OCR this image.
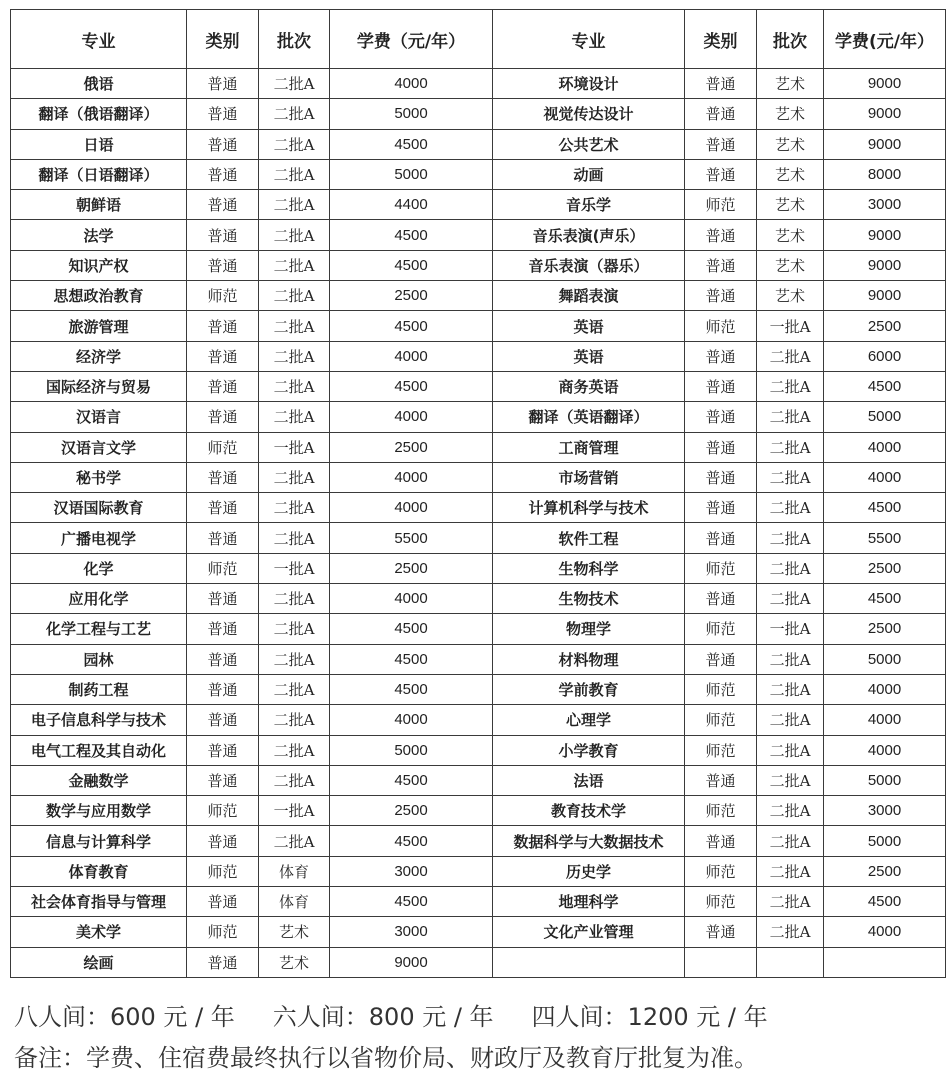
专业	类别	批次	学费（元/年）	专业	类别	批次	学费(元/年）
俄语	普通	二批A	4000	环境设计	普通	艺术	9000
翻译（俄语翻译）	普通	二批A	5000	视觉传达设计	普通	艺术	9000
日语	普通	二批A	4500	公共艺术	普通	艺术	9000
翻译（日语翻译）	普通	二批A	5000	动画	普通	艺术	8000
朝鲜语	普通	二批A	4400	音乐学	师范	艺术	3000
法学	普通	二批A	4500	音乐表演(声乐）	普通	艺术	9000
知识产权	普通	二批A	4500	音乐表演（器乐）	普通	艺术	9000
思想政治教育	师范	二批A	2500	舞蹈表演	普通	艺术	9000
旅游管理	普通	二批A	4500	英语	师范	一批A	2500
经济学	普通	二批A	4000	英语	普通	二批A	6000
国际经济与贸易	普通	二批A	4500	商务英语	普通	二批A	4500
汉语言	普通	二批A	4000	翻译（英语翻译）	普通	二批A	5000
汉语言文学	师范	一批A	2500	工商管理	普通	二批A	4000
秘书学	普通	二批A	4000	市场营销	普通	二批A	4000
汉语国际教育	普通	二批A	4000	计算机科学与技术	普通	二批A	4500
广播电视学	普通	二批A	5500	软件工程	普通	二批A	5500
化学	师范	一批A	2500	生物科学	师范	二批A	2500
应用化学	普通	二批A	4000	生物技术	普通	二批A	4500
化学工程与工艺	普通	二批A	4500	物理学	师范	一批A	2500
园林	普通	二批A	4500	材料物理	普通	二批A	5000
制药工程	普通	二批A	4500	学前教育	师范	二批A	4000
电子信息科学与技术	普通	二批A	4000	心理学	师范	二批A	4000
电气工程及其自动化	普通	二批A	5000	小学教育	师范	二批A	4000
金融数学	普通	二批A	4500	法语	普通	二批A	5000
数学与应用数学	师范	一批A	2500	教育技术学	师范	二批A	3000
信息与计算科学	普通	二批A	4500	数据科学与大数据技术	普通	二批A	5000
体育教育	师范	体育	3000	历史学	师范	二批A	2500
社会体育指导与管理	普通	体育	4500	地理科学	师范	二批A	4500
美术学	师范	艺术	3000	文化产业管理	普通	二批A	4000
绘画	普通	艺术	9000				
八人间：600 元 / 年 六人间：800 元 / 年 四人间：1200 元 / 年
备注：学费、住宿费最终执行以省物价局、财政厅及教育厅批复为准。
